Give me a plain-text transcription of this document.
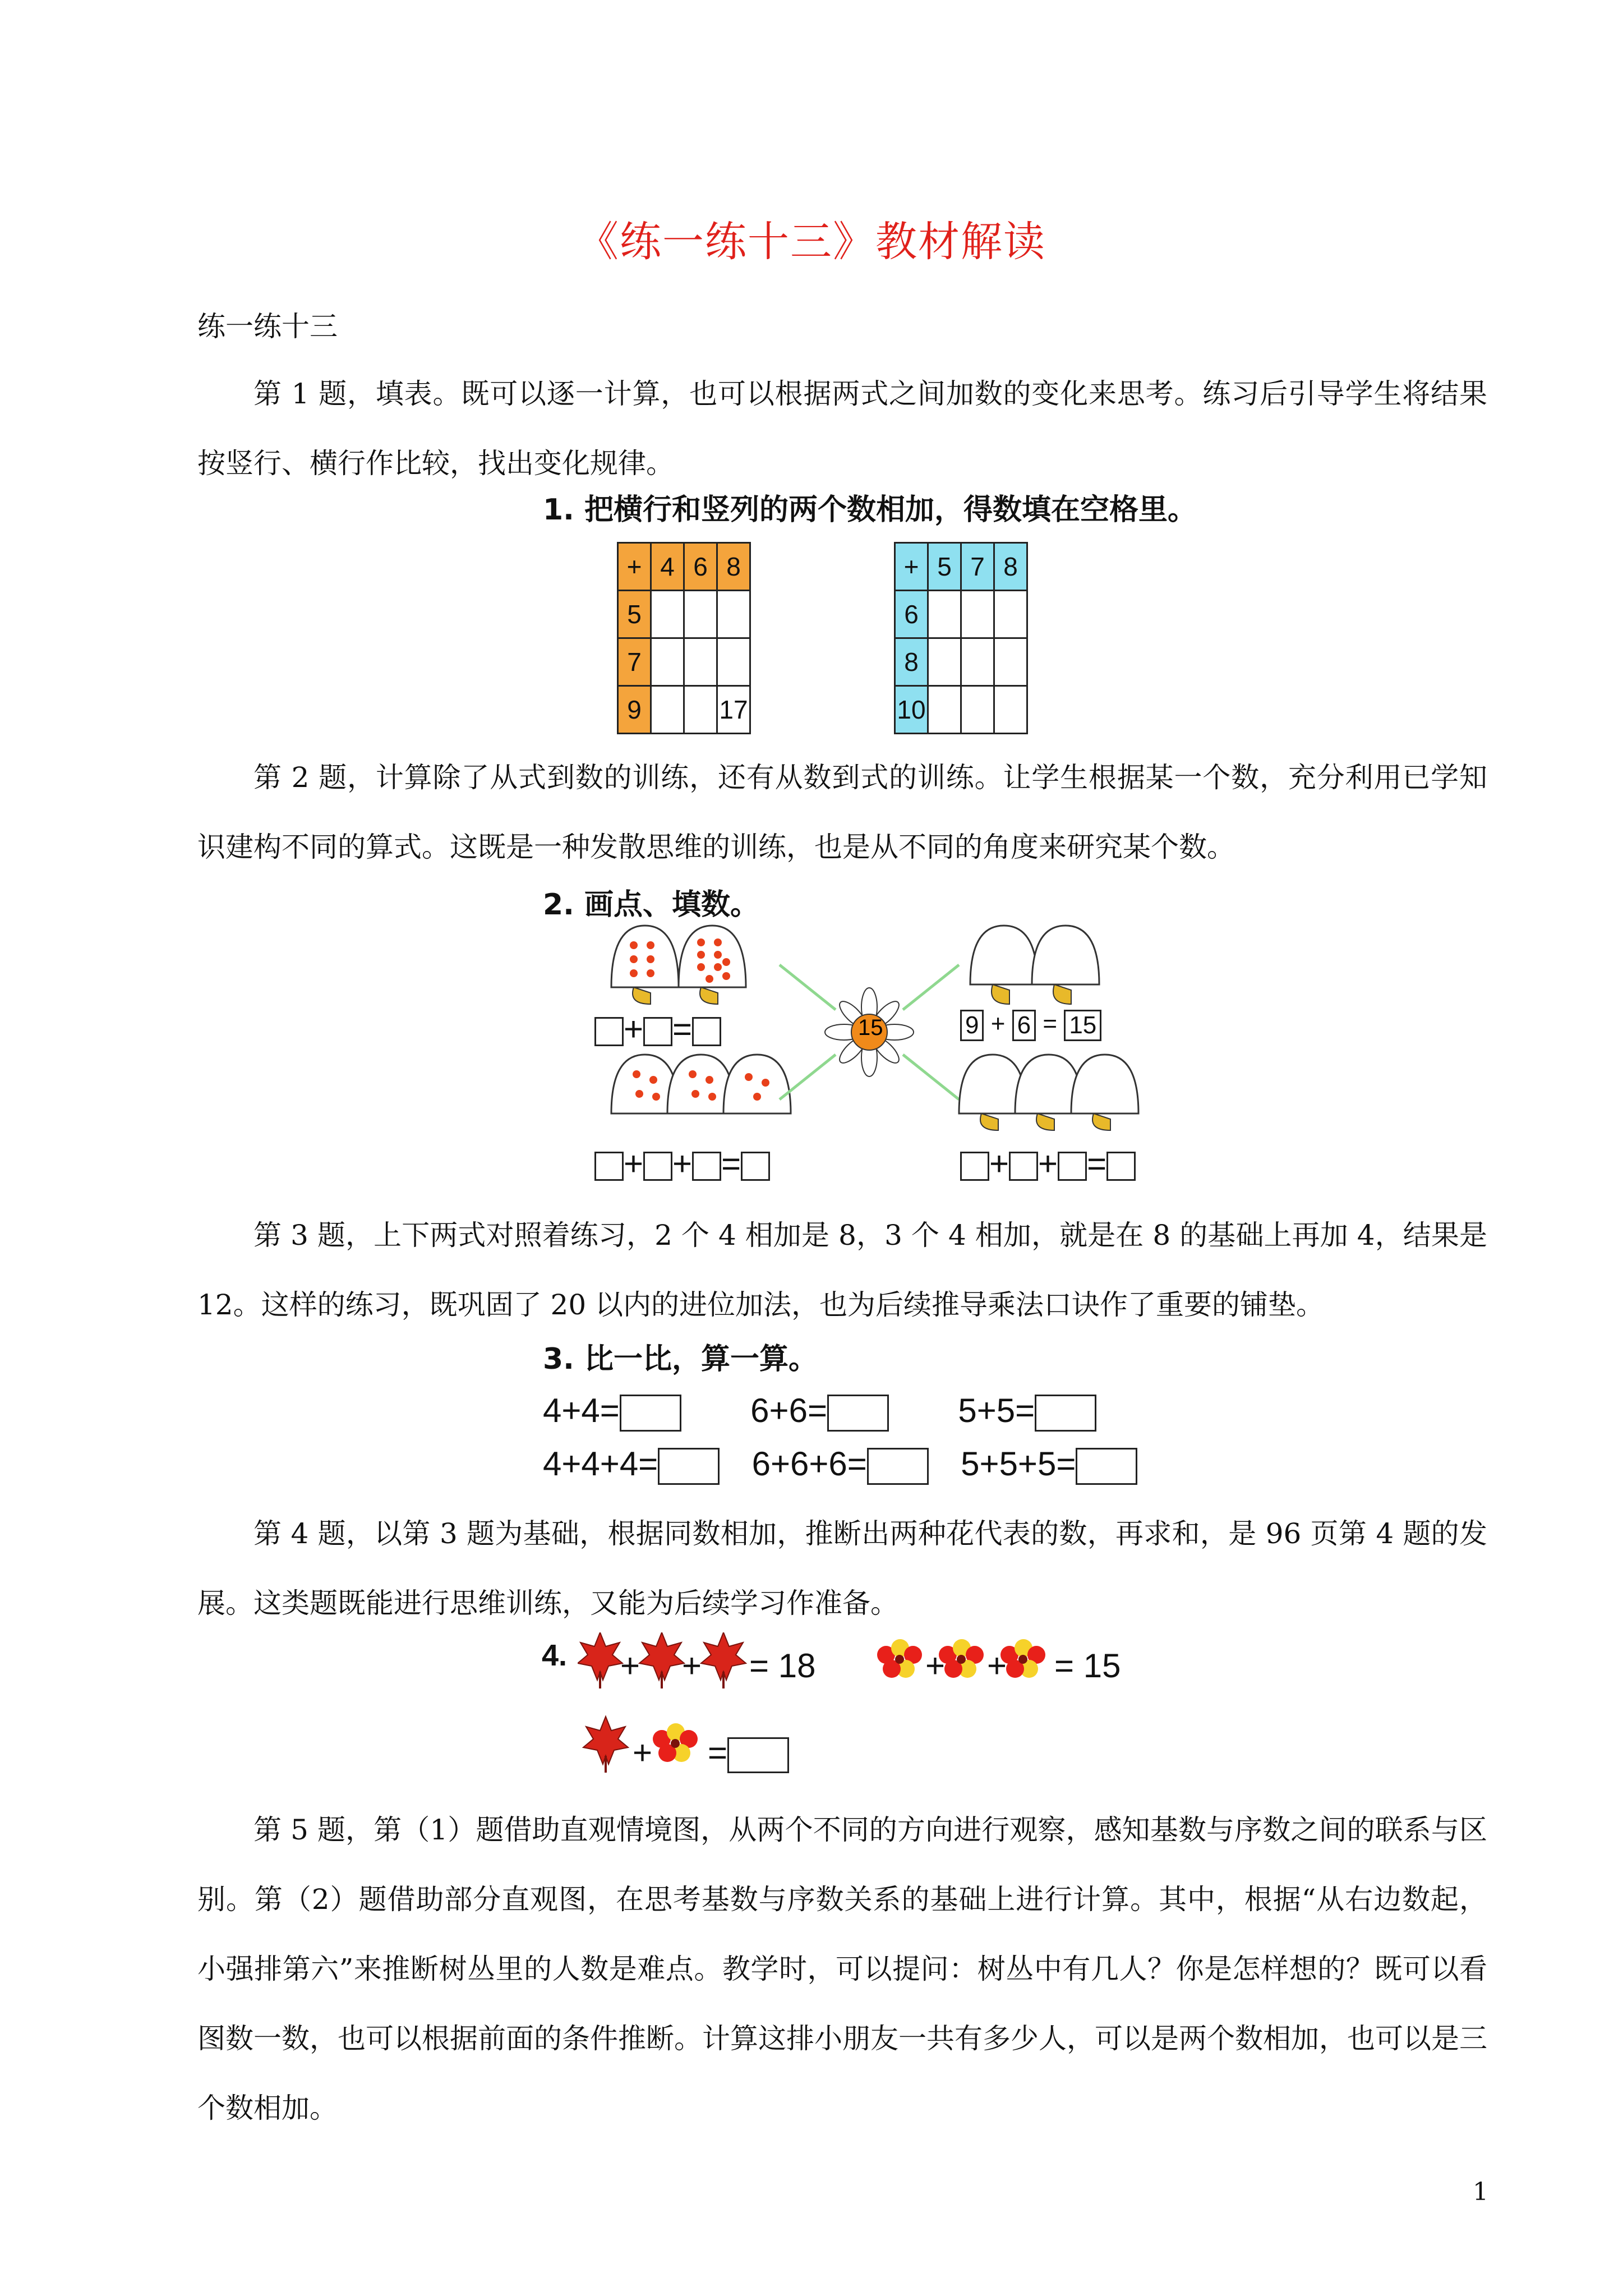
《练一练十三》教材解读
练一练十三
第 1 题，填表。既可以逐一计算，也可以根据两式之间加数的变化来思考。练习后引导学生将结果按竖行、横行作比较，找出变化规律。
1. 把横行和竖列的两个数相加，得数填在空格里。
+	4	6	8
5			
7			
9			17
+	5	7	8
6			
8			
10			
第 2 题，计算除了从式到数的训练，还有从数到式的训练。让学生根据某一个数，充分利用已学知识建构不同的算式。这既是一种发散思维的训练，也是从不同的角度来研究某个数。
2. 画点、填数。
15
+ =	9 + 6 = 15
+ + =	+ + =
第 3 题，上下两式对照着练习，2 个 4 相加是 8，3 个 4 相加，就是在 8 的基础上再加 4，结果是 12。这样的练习，既巩固了 20 以内的进位加法，也为后续推导乘法口诀作了重要的铺垫。
3. 比一比，算一算。
4+4=	6+6=	5+5=
4+4+4=	6+6+6=	5+5+5=
第 4 题，以第 3 题为基础，根据同数相加，推断出两种花代表的数，再求和，是 96 页第 4 题的发展。这类题既能进行思维训练，又能为后续学习作准备。
4. + + = 18	+ + = 15
+ =
第 5 题，第（1）题借助直观情境图，从两个不同的方向进行观察，感知基数与序数之间的联系与区别。第（2）题借助部分直观图，在思考基数与序数关系的基础上进行计算。其中，根据“从右边数起，小强排第六”来推断树丛里的人数是难点。教学时，可以提问：树丛中有几人？你是怎样想的？既可以看图数一数，也可以根据前面的条件推断。计算这排小朋友一共有多少人，可以是两个数相加，也可以是三个数相加。
1
